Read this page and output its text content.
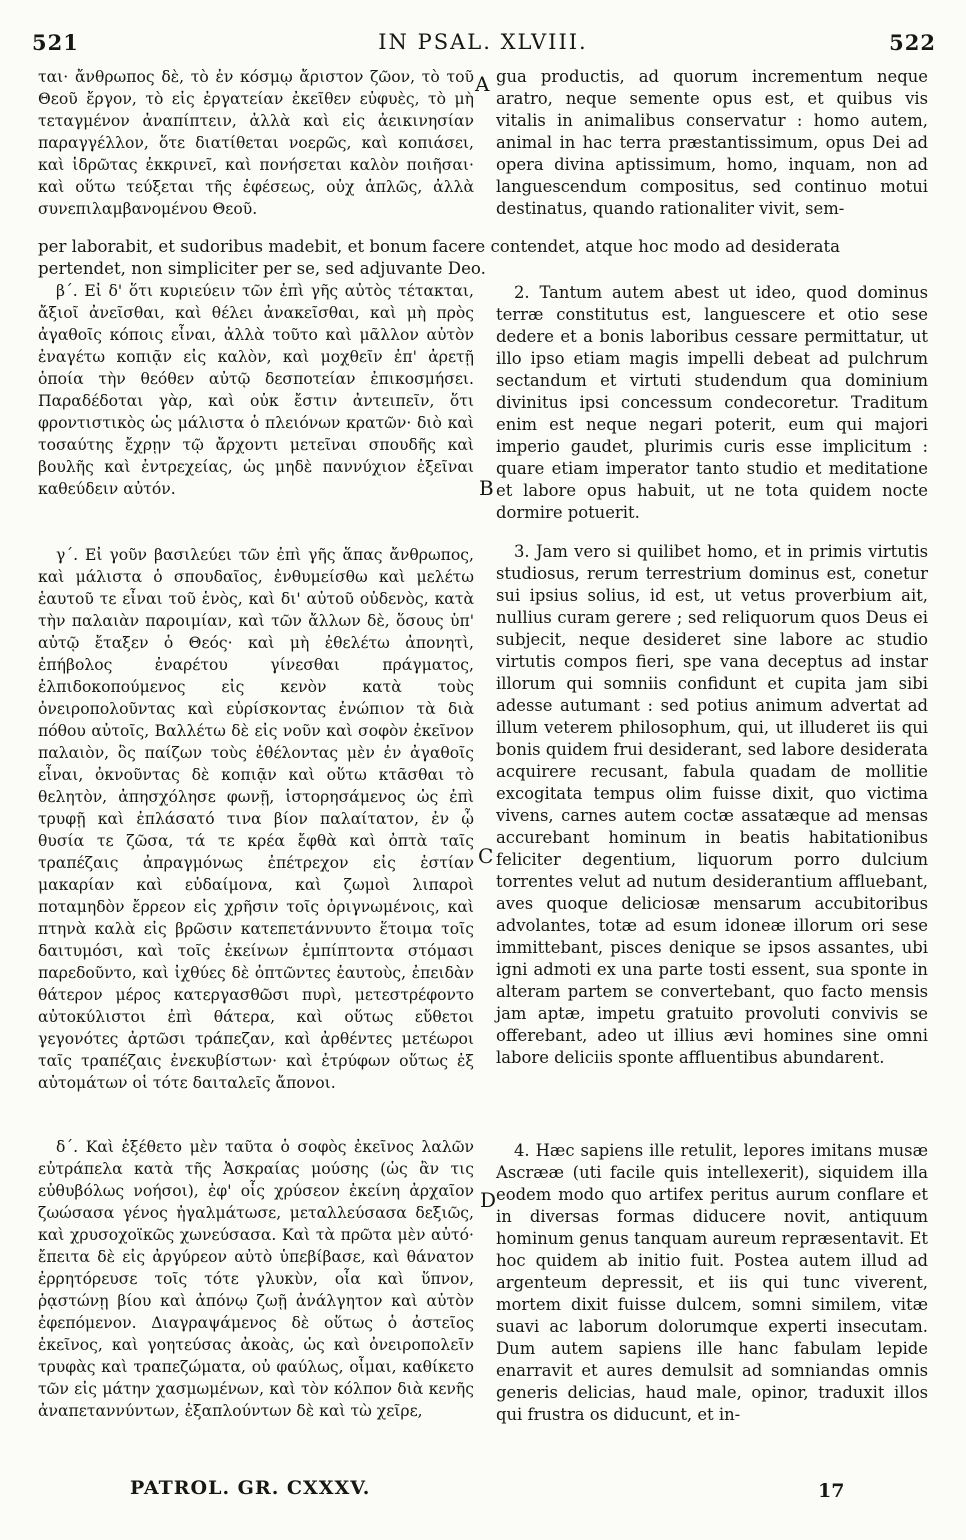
521	IN PSAL. XLVIII.	522

ται· ἄνθρωπος δὲ, τὸ ἐν κόσμῳ ἄριστον ζῶον, τὸ τοῦ Θεοῦ ἔργον, τὸ εἰς ἐργατείαν ἐκεῖθεν εὐφυὲς, τὸ μὴ τεταγμένον ἀναπίπτειν, ἀλλὰ καὶ εἰς ἀεικινησίαν παραγγέλλον, ὅτε διατίθεται νοερῶς, καὶ κοπιάσει, καὶ ἱδρῶτας ἐκκρινεῖ, καὶ πονήσεται καλὸν ποιῆσαι· καὶ οὕτω τεύξεται τῆς ἐφέσεως, οὐχ ἁπλῶς, ἀλλὰ συνεπιλαμβανομένου Θεοῦ.

gua productis, ad quorum incrementum neque aratro, neque semente opus est, et quibus vis vitalis in animalibus conservatur : homo autem, animal in hac terra præstantissimum, opus Dei ad opera divina aptissimum, homo, inquam, non ad languescendum compositus, sed continuo motui destinatus, quando rationaliter vivit, sem-

per laborabit, et sudoribus madebit, et bonum facere contendet, atque hoc modo ad desiderata pertendet, non simpliciter per se, sed adjuvante Deo.

β΄. Εἰ δ' ὅτι κυριεύειν τῶν ἐπὶ γῆς αὐτὸς τέτακται, ἄξιοῖ ἀνεῖσθαι, καὶ θέλει ἀνακεῖσθαι, καὶ μὴ πρὸς ἀγαθοῖς κόποις εἶναι, ἀλλὰ τοῦτο καὶ μᾶλλον αὐτὸν ἐναγέτω κοπιᾷν εἰς καλὸν, καὶ μοχθεῖν ἐπ' ἀρετῇ ὁποία τὴν θεόθεν αὐτῷ δεσποτείαν ἐπικοσμήσει. Παραδέδοται γὰρ, καὶ οὐκ ἔστιν ἀντειπεῖν, ὅτι φροντιστικὸς ὡς μάλιστα ὁ πλειόνων κρατῶν· διὸ καὶ τοσαύτης ἔχρῃν τῷ ἄρχοντι μετεῖναι σπουδῆς καὶ βουλῆς καὶ ἐντρεχείας, ὡς μηδὲ παννύχιον ἐξεῖναι καθεύδειν αὐτόν.

2. Tantum autem abest ut ideo, quod dominus terræ constitutus est, languescere et otio sese dedere et a bonis laboribus cessare permittatur, ut illo ipso etiam magis impelli debeat ad pulchrum sectandum et virtuti studendum qua dominium divinitus ipsi concessum condecoretur. Traditum enim est neque negari poterit, eum qui majori imperio gaudet, plurimis curis esse implicitum : quare etiam imperator tanto studio et meditatione et labore opus habuit, ut ne tota quidem nocte dormire potuerit.

γ΄. Εἰ γοῦν βασιλεύει τῶν ἐπὶ γῆς ἅπας ἄνθρωπος, καὶ μάλιστα ὁ σπουδαῖος, ἐνθυμείσθω καὶ μελέτω ἑαυτοῦ τε εἶναι τοῦ ἑνὸς, καὶ δι' αὐτοῦ οὐδενὸς, κατὰ τὴν παλαιὰν παροιμίαν, καὶ τῶν ἄλλων δὲ, ὅσους ὑπ' αὐτῷ ἔταξεν ὁ Θεός· καὶ μὴ ἐθελέτω ἀπονητὶ, ἐπήβολος ἐναρέτου γίνεσθαι πράγματος, ἐλπιδοκοπούμενος εἰς κενὸν κατὰ τοὺς ὀνειροπολοῦντας καὶ εὑρίσκοντας ἐνώπιον τὰ διὰ πόθου αὐτοῖς, Βαλλέτω δὲ εἰς νοῦν καὶ σοφὸν ἐκεῖνον παλαιὸν, ὃς παίζων τοὺς ἐθέλοντας μὲν ἐν ἀγαθοῖς εἶναι, ὀκνοῦντας δὲ κοπιᾷν καὶ οὕτω κτᾶσθαι τὸ θελητὸν, ἀπησχόλησε φωνῇ, ἱστορησάμενος ὡς ἐπὶ τρυφῇ καὶ ἐπλάσατό τινα βίον παλαίτατον, ἐν ᾧ θυσία τε ζῶσα, τά τε κρέα ἔφθὰ καὶ ὀπτὰ ταῖς τραπέζαις ἀπραγμόνως ἐπέτρεχον εἰς ἑστίαν μακαρίαν καὶ εὐδαίμονα, καὶ ζωμοὶ λιπαροὶ ποταμηδὸν ἔρρεον εἰς χρῆσιν τοῖς ὀριγνωμένοις, καὶ πτηνὰ καλὰ εἰς βρῶσιν κατεπετάννυντο ἕτοιμα τοῖς δαιτυμόσι, καὶ τοῖς ἐκείνων ἐμπίπτοντα στόμασι παρεδοῦντο, καὶ ἰχθύες δὲ ὀπτῶντες ἑαυτοὺς, ἐπειδὰν θάτερον μέρος κατεργασθῶσι πυρὶ, μετεστρέφοντο αὐτοκύλιστοι ἐπὶ θάτερα, καὶ οὕτως εὔθετοι γεγονότες ἀρτῶσι τράπεζαν, καὶ ἀρθέντες μετέωροι ταῖς τραπέζαις ἐνεκυβίστων· καὶ ἐτρύφων οὕτως ἐξ αὐτομάτων οἱ τότε δαιταλεῖς ἄπονοι.

3. Jam vero si quilibet homo, et in primis virtutis studiosus, rerum terrestrium dominus est, conetur sui ipsius solius, id est, ut vetus proverbium ait, nullius curam gerere ; sed reliquorum quos Deus ei subjecit, neque desideret sine labore ac studio virtutis compos fieri, spe vana deceptus ad instar illorum qui somniis confidunt et cupita jam sibi adesse autumant : sed potius animum advertat ad illum veterem philosophum, qui, ut illuderet iis qui bonis quidem frui desiderant, sed labore desiderata acquirere recusant, fabula quadam de mollitie excogitata tempus olim fuisse dixit, quo victima vivens, carnes autem coctæ assatæque ad mensas accurebant hominum in beatis habitationibus feliciter degentium, liquorum porro dulcium torrentes velut ad nutum desiderantium affluebant, aves quoque deliciosæ mensarum accubitoribus advolantes, totæ ad esum idoneæ illorum ori sese immittebant, pisces denique se ipsos assantes, ubi igni admoti ex una parte tosti essent, sua sponte in alteram partem se convertebant, quo facto mensis jam aptæ, impetu gratuito provoluti convivis se offerebant, adeo ut illius ævi homines sine omni labore deliciis sponte affluentibus abundarent.

δ΄. Καὶ ἐξέθετο μὲν ταῦτα ὁ σοφὸς ἐκεῖνος λαλῶν εὐτράπελα κατὰ τῆς Ἀσκραίας μούσης (ὡς ἂν τις εὐθυβόλως νοήσοι), ἐφ' οἷς χρύσεον ἐκείνη ἀρχαῖον ζωώσασα γένος ἠγαλμάτωσε, μεταλλεύσασα δεξιῶς, καὶ χρυσοχοϊκῶς χωνεύσασα. Καὶ τὰ πρῶτα μὲν αὐτό· ἔπειτα δὲ εἰς ἀργύρεον αὐτὸ ὑπεβίβασε, καὶ θάνατον ἐρρητόρευσε τοῖς τότε γλυκὺν, οἷα καὶ ὕπνον, ῥᾳστώνῃ βίου καὶ ἀπόνῳ ζωῇ ἀνάλγητον καὶ αὐτὸν ἐφεπόμενον. Διαγραψάμενος δὲ οὕτως ὁ ἀστεῖος ἐκεῖνος, καὶ γοητεύσας ἀκοὰς, ὡς καὶ ὀνειροπολεῖν τρυφὰς καὶ τραπεζώματα, οὐ φαύλως, οἶμαι, καθίκετο τῶν εἰς μάτην χασμωμένων, καὶ τὸν κόλπον διὰ κενῆς ἀναπεταννύντων, ἐξαπλούντων δὲ καὶ τὼ χεῖρε,

4. Hæc sapiens ille retulit, lepores imitans musæ Ascrææ (uti facile quis intellexerit), siquidem illa eodem modo quo artifex peritus aurum conflare et in diversas formas diducere novit, antiquum hominum genus tanquam aureum repræsentavit. Et hoc quidem ab initio fuit. Postea autem illud ad argenteum depressit, et iis qui tunc viverent, mortem dixit fuisse dulcem, somni similem, vitæ suavi ac laborum dolorumque experti insecutam. Dum autem sapiens ille hanc fabulam lepide enarravit et aures demulsit ad somniandas omnis generis delicias, haud male, opinor, traduxit illos qui frustra os diducunt, et in-

A
B
C
D
PATROL. GR. CXXXV.	17
